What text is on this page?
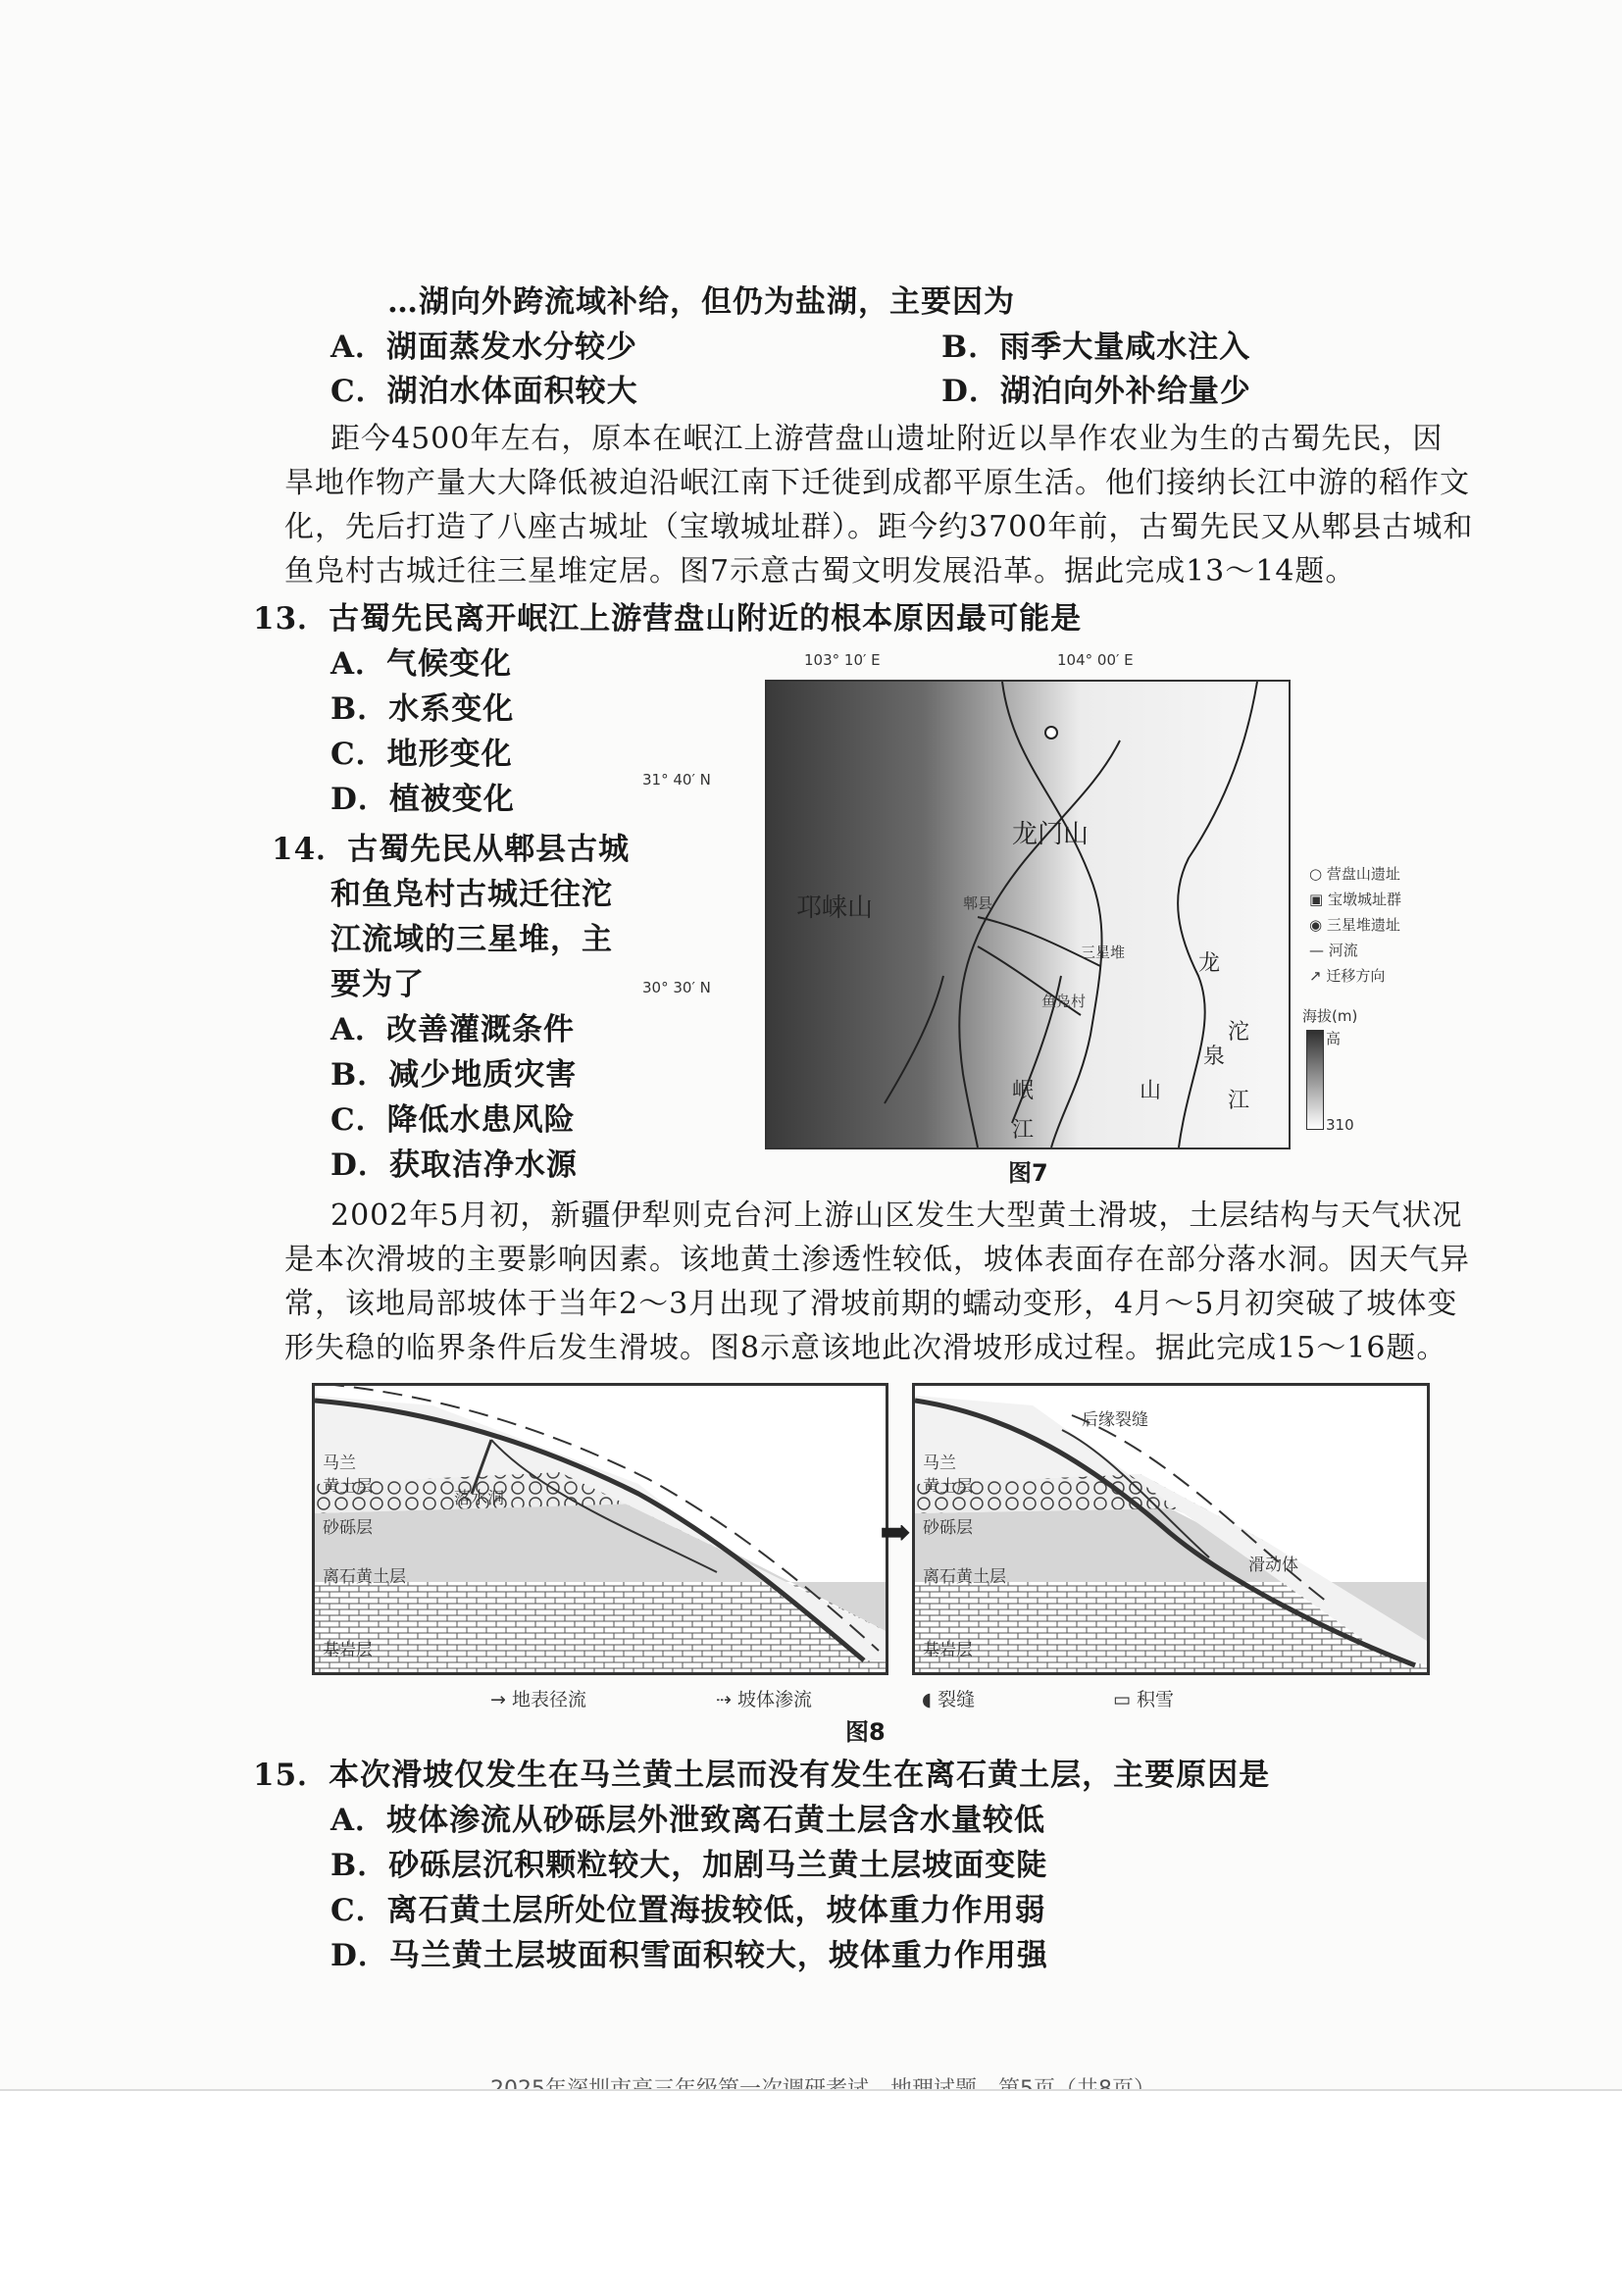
…湖向外跨流域补给，但仍为盐湖，主要因为
A．湖面蒸发水分较少	B．雨季大量咸水注入
C．湖泊水体面积较大	D．湖泊向外补给量少
距今4500年左右，原本在岷江上游营盘山遗址附近以旱作农业为生的古蜀先民，因
旱地作物产量大大降低被迫沿岷江南下迁徙到成都平原生活。他们接纳长江中游的稻作文
化，先后打造了八座古城址（宝墩城址群）。距今约3700年前，古蜀先民又从郫县古城和
鱼凫村古城迁往三星堆定居。图7示意古蜀文明发展沿革。据此完成13～14题。
13．古蜀先民离开岷江上游营盘山附近的根本原因最可能是
A．气候变化
B．水系变化
C．地形变化
D．植被变化
14．古蜀先民从郫县古城
和鱼凫村古城迁往沱
江流域的三星堆，主
要为了
A．改善灌溉条件
B．减少地质灾害
C．降低水患风险
D．获取洁净水源
103° 10′ E	104° 00′ E
31° 40′ N
30° 30′ N
邛崃山
龙门山
龙
泉
山
沱
江
岷
江
三星堆
鱼凫村
郫县
○ 营盘山遗址
▣ 宝墩城址群
◉ 三星堆遗址
— 河流
↗ 迁移方向
海拔(m)
高
310
图7
2002年5月初，新疆伊犁则克台河上游山区发生大型黄土滑坡，土层结构与天气状况
是本次滑坡的主要影响因素。该地黄土渗透性较低，坡体表面存在部分落水洞。因天气异
常，该地局部坡体于当年2～3月出现了滑坡前期的蠕动变形，4月～5月初突破了坡体变
形失稳的临界条件后发生滑坡。图8示意该地此次滑坡形成过程。据此完成15～16题。
马兰
黄土层
落水洞
砂砾层
离石黄土层
基岩层
➡
马兰
黄土层
砂砾层
离石黄土层
基岩层
后缘裂缝
滑动体
→ 地表径流	⇢ 坡体渗流	◖ 裂缝	▭ 积雪
图8
15．本次滑坡仅发生在马兰黄土层而没有发生在离石黄土层，主要原因是
A．坡体渗流从砂砾层外泄致离石黄土层含水量较低
B．砂砾层沉积颗粒较大，加剧马兰黄土层坡面变陡
C．离石黄土层所处位置海拔较低，坡体重力作用弱
D．马兰黄土层坡面积雪面积较大，坡体重力作用强
